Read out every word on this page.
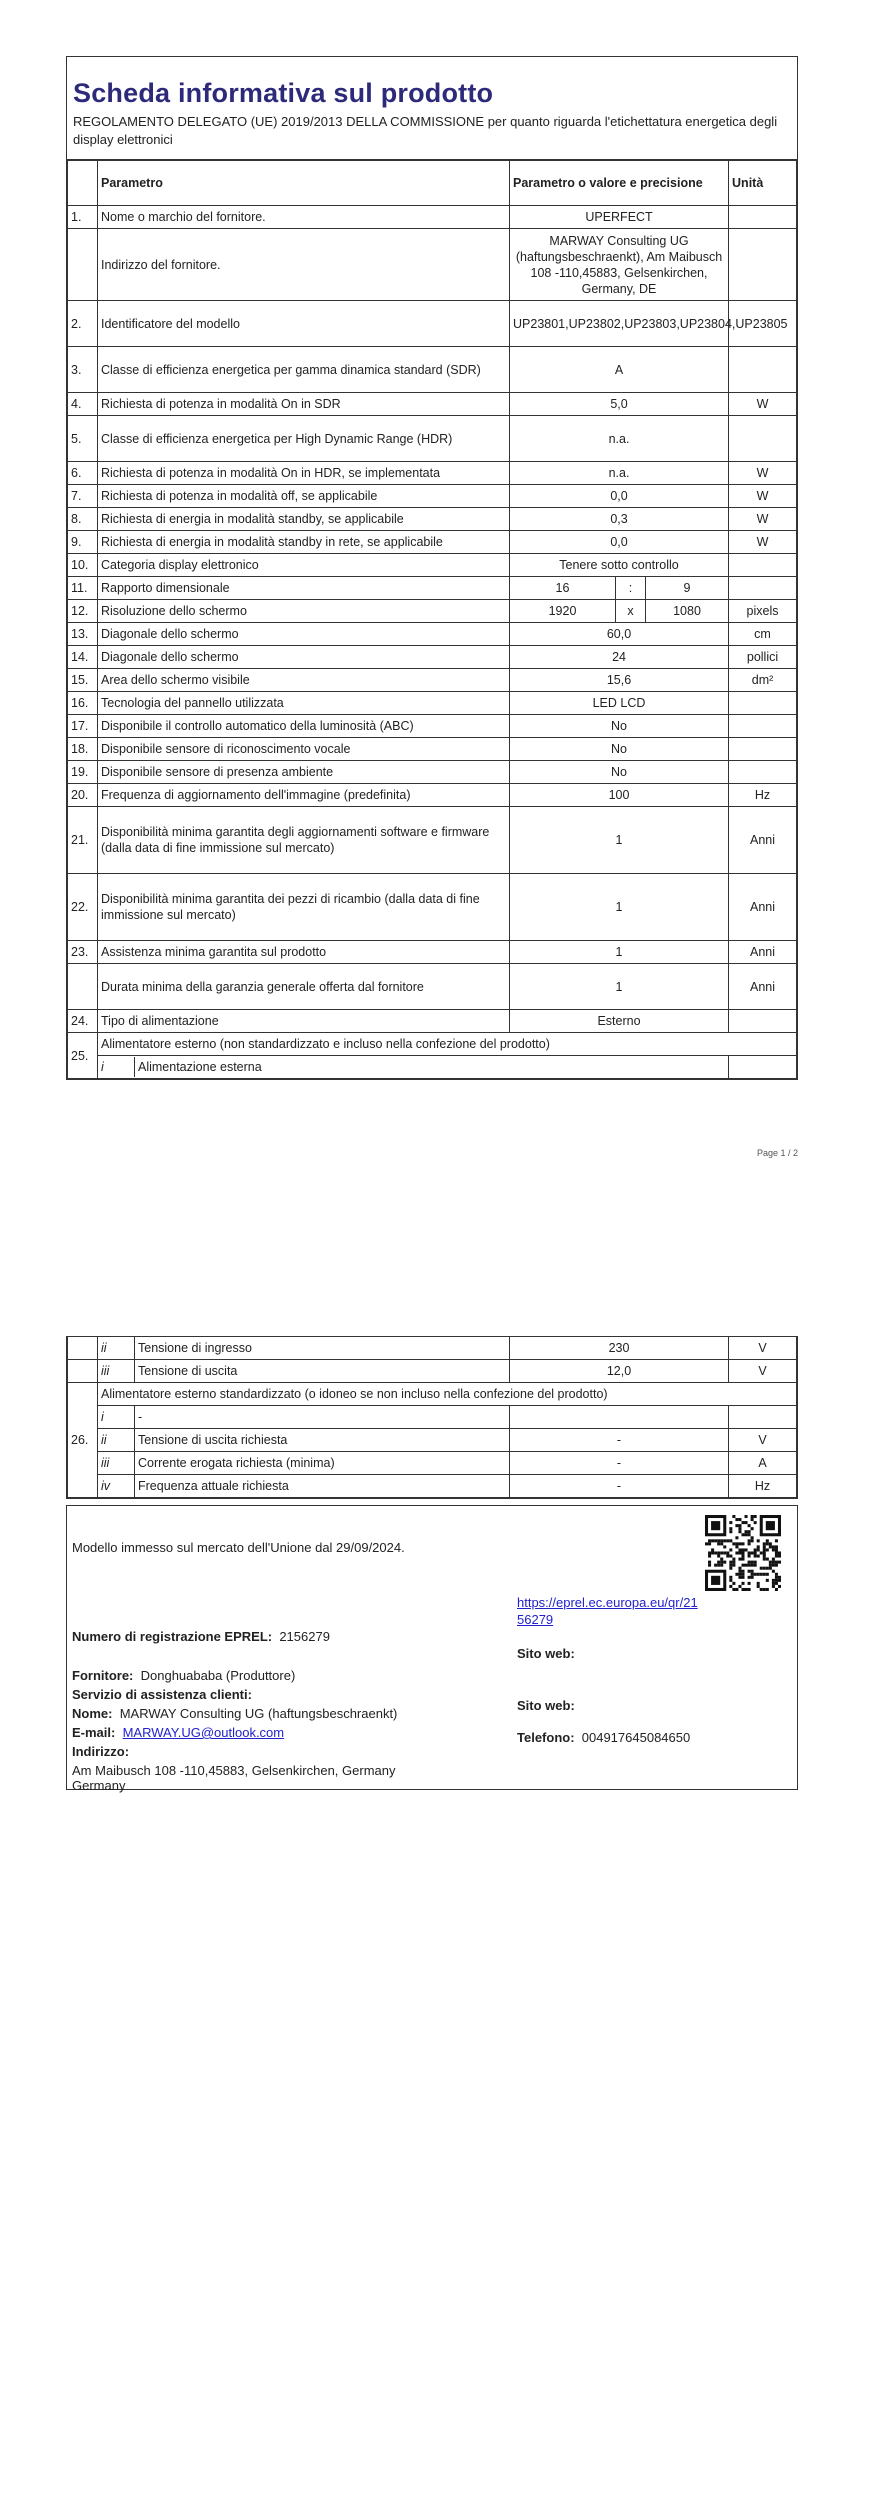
Scheda informativa sul prodotto
REGOLAMENTO DELEGATO (UE) 2019/2013 DELLA COMMISSIONE per quanto riguarda l'etichettatura energetica degli display elettronici
	Parametro	Parametro o valore e precisione	Unità
1.	Nome o marchio del fornitore.	UPERFECT	
	Indirizzo del fornitore.	MARWAY Consulting UG (haftungsbeschraenkt), Am Maibusch 108 -110,45883, Gelsenkirchen, Germany, DE	
2.	Identificatore del modello	UP23801,UP23802,UP23803,UP23804,UP23805	
3.	Classe di efficienza energetica per gamma dinamica standard (SDR)	A	
4.	Richiesta di potenza in modalità On in SDR	5,0	W
5.	Classe di efficienza energetica per High Dynamic Range (HDR)	n.a.	
6.	Richiesta di potenza in modalità On in HDR, se implementata	n.a.	W
7.	Richiesta di potenza in modalità off, se applicabile	0,0	W
8.	Richiesta di energia in modalità standby, se applicabile	0,3	W
9.	Richiesta di energia in modalità standby in rete, se applicabile	0,0	W
10.	Categoria display elettronico	Tenere sotto controllo	
11.	Rapporto dimensionale	16	:	9	
12.	Risoluzione dello schermo	1920	x	1080	pixels
13.	Diagonale dello schermo	60,0	cm
14.	Diagonale dello schermo	24	pollici
15.	Area dello schermo visibile	15,6	dm²
16.	Tecnologia del pannello utilizzata	LED LCD	
17.	Disponibile il controllo automatico della luminosità (ABC)	No	
18.	Disponibile sensore di riconoscimento vocale	No	
19.	Disponibile sensore di presenza ambiente	No	
20.	Frequenza di aggiornamento dell'immagine (predefinita)	100	Hz
21.	Disponibilità minima garantita degli aggiornamenti software e firmware (dalla data di fine immissione sul mercato)	1	Anni
22.	Disponibilità minima garantita dei pezzi di ricambio (dalla data di fine immissione sul mercato)	1	Anni
23.	Assistenza minima garantita sul prodotto	1	Anni
	Durata minima della garanzia generale offerta dal fornitore	1	Anni
24.	Tipo di alimentazione	Esterno	
25.	Alimentatore esterno (non standardizzato e incluso nella confezione del prodotto)

i	Alimentazione esterna

Page 1 / 2
	ii	Tensione di ingresso	230	V
	iii	Tensione di uscita	12,0	V
26.	Alimentatore esterno standardizzato (o idoneo se non incluso nella confezione del prodotto)			
	i	-		
	ii	Tensione di uscita richiesta	-	V
	iii	Corrente erogata richiesta (minima)	-	A
	iv	Frequenza attuale richiesta	-	Hz
Modello immesso sul mercato dell'Unione dal 29/09/2024.
https://eprel.ec.europa.eu/qr/21
56279
Numero di registrazione EPREL: 2156279
Sito web:
Fornitore: Donghuababa (Produttore)
Servizio di assistenza clienti:
Sito web:
Nome: MARWAY Consulting UG (haftungsbeschraenkt)
E-mail: MARWAY.UG@outlook.com	Telefono: 004917645084650
Indirizzo:
Am Maibusch 108 -110,45883, Gelsenkirchen, Germany
Germany
